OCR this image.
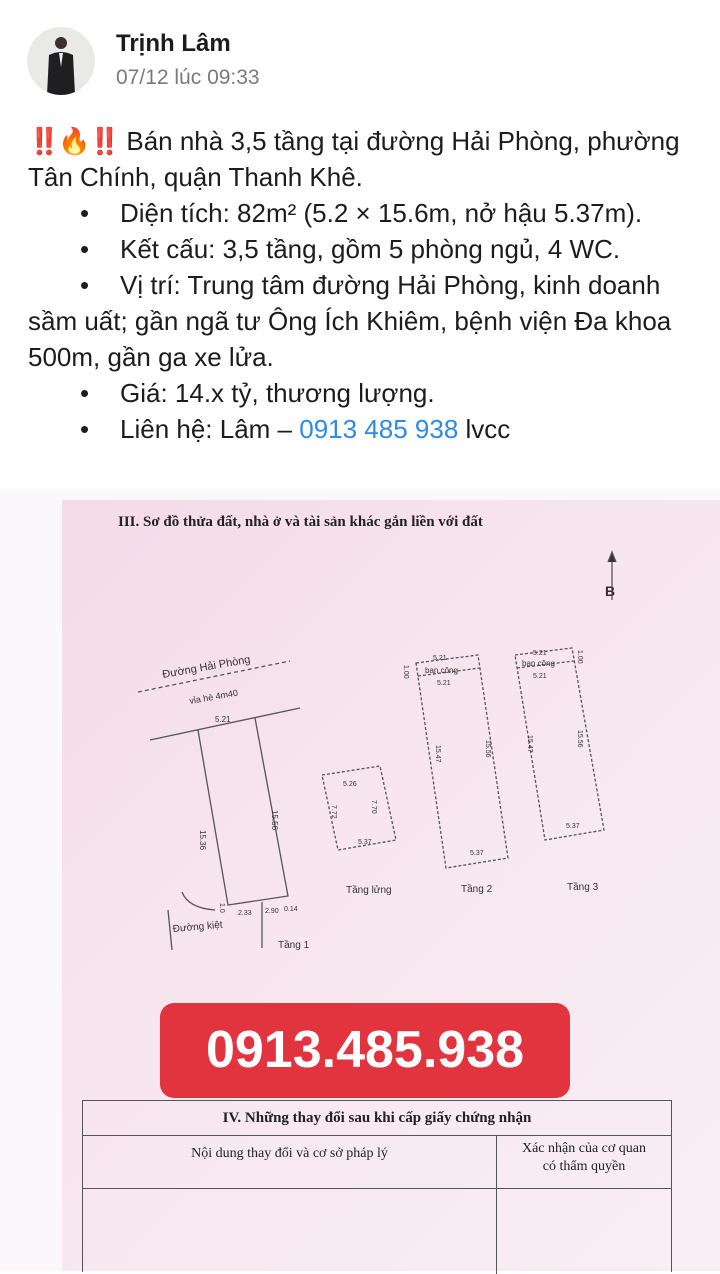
Trịnh Lâm
07/12 lúc 09:33

‼️🔥‼️ Bán nhà 3,5 tầng tại đường Hải Phòng, phường Tân Chính, quận Thanh Khê.

•	Diện tích: 82m² (5.2 × 15.6m, nở hậu 5.37m).
•	Kết cấu: 3,5 tầng, gồm 5 phòng ngủ, 4 WC.

• Vị trí: Trung tâm đường Hải Phòng, kinh doanh sầm uất; gần ngã tư Ông Ích Khiêm, bệnh viện Đa khoa 500m, gần ga xe lửa.

•	Giá: 14.x tỷ, thương lượng.
•	Liên hệ: Lâm – 0913 485 938 lvcc
III. Sơ đồ thửa đất, nhà ở và tài sản khác gắn liền với đất
B
Đường Hải Phòng
vỉa hè 4m40
5.21
15.36
15.56
1.0
2.33 2.90 0.14
Đường kiệt
Tầng 1
5.26
7.72	7.70
5.37
Tầng lửng
5.21
ban công
5.21
1.00
15.47	15.56
5.37
Tầng 2
5.21
ban công
5.21
1.00
15.47	15.56
5.37
Tầng 3
0913.485.938
IV. Những thay đổi sau khi cấp giấy chứng nhận
Nội dung thay đổi và cơ sở pháp lý	Xác nhận của cơ quan
có thẩm quyền
